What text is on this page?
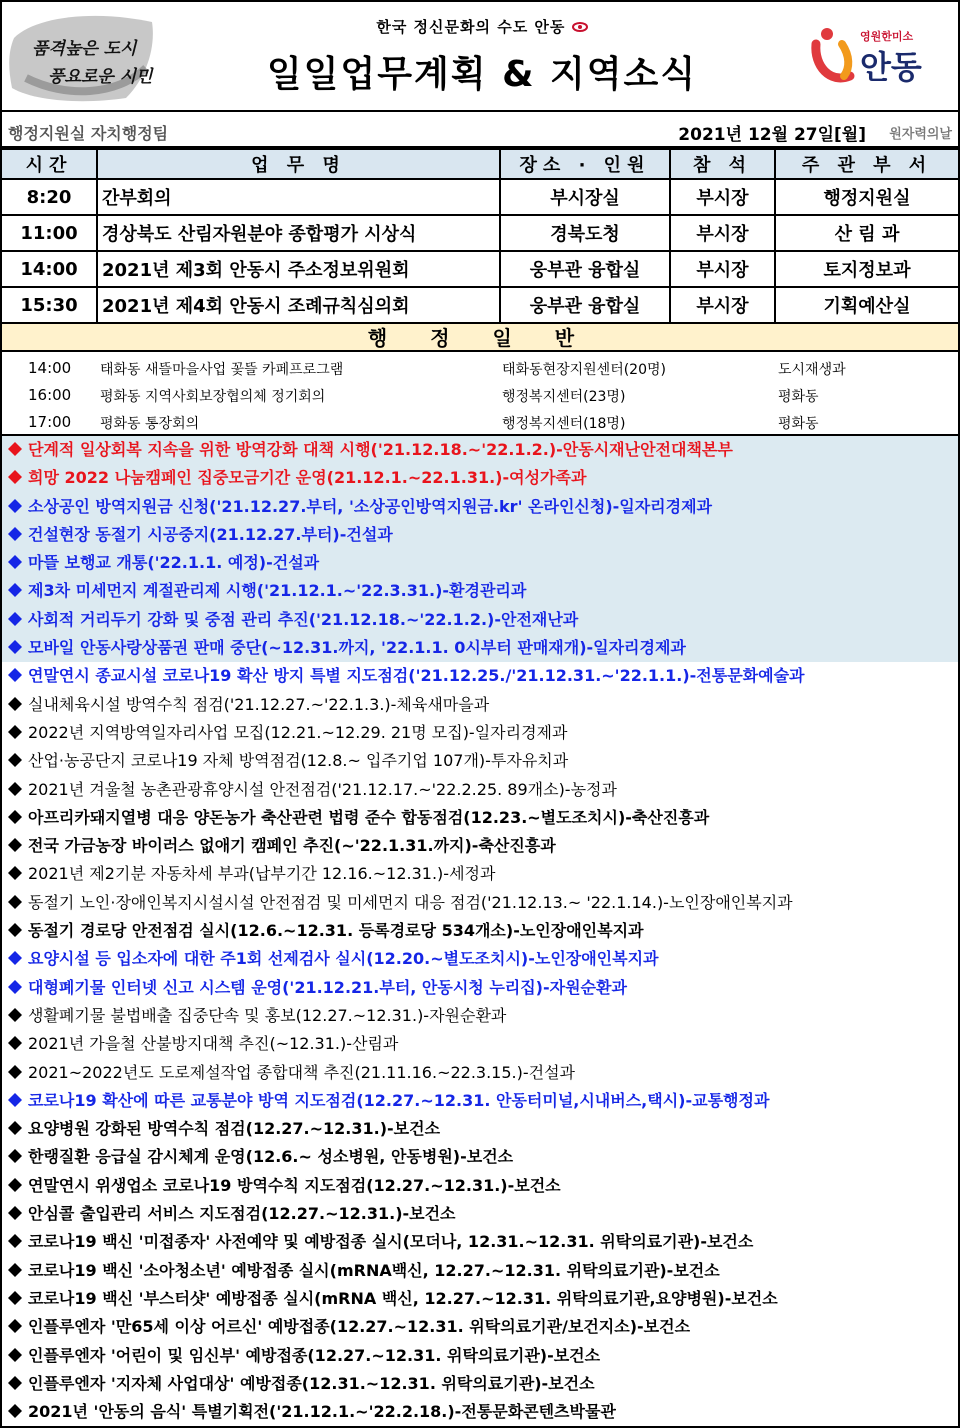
품격높은 도시
풍요로운 시민
한국 정신문화의 수도 안동
일일업무계획 & 지역소식
영원한미소
안동
행정지원실 자치행정팀	2021년 12월 27일[월] 원자력의날
시간	업 무 명	장소 · 인원	참 석	주 관 부 서
8:20	간부회의	부시장실	부시장	행정지원실
11:00	경상북도 산림자원분야 종합평가 시상식	경북도청	부시장	산 림 과
14:00	2021년 제3회 안동시 주소정보위원회	웅부관 융합실	부시장	토지정보과
15:30	2021년 제4회 안동시 조례규칙심의회	웅부관 융합실	부시장	기획예산실
행 정 일 반
14:00 태화동 새뜰마을사업 꽃뜰 카페프로그램	태화동현장지원센터(20명)	도시재생과
16:00 평화동 지역사회보장협의체 정기회의	행정복지센터(23명)	평화동
17:00 평화동 통장회의	행정복지센터(18명)	평화동
단계적 일상회복 지속을 위한 방역강화 대책 시행('21.12.18.~'22.1.2.)-안동시재난안전대책본부
희망 2022 나눔캠페인 집중모금기간 운영(21.12.1.~22.1.31.)-여성가족과
소상공인 방역지원금 신청('21.12.27.부터, '소상공인방역지원금.kr' 온라인신청)-일자리경제과
건설현장 동절기 시공중지(21.12.27.부터)-건설과
마뜰 보행교 개통('22.1.1. 예정)-건설과
제3차 미세먼지 계절관리제 시행('21.12.1.~'22.3.31.)-환경관리과
사회적 거리두기 강화 및 중점 관리 추진('21.12.18.~'22.1.2.)-안전재난과
모바일 안동사랑상품권 판매 중단(~12.31.까지, '22.1.1. 0시부터 판매재개)-일자리경제과
연말연시 종교시설 코로나19 확산 방지 특별 지도점검('21.12.25./'21.12.31.~'22.1.1.)-전통문화예술과
실내체육시설 방역수칙 점검('21.12.27.~'22.1.3.)-체육새마을과
2022년 지역방역일자리사업 모집(12.21.~12.29. 21명 모집)-일자리경제과
산업·농공단지 코로나19 자체 방역점검(12.8.~ 입주기업 107개)-투자유치과
2021년 겨울철 농촌관광휴양시설 안전점검('21.12.17.~'22.2.25. 89개소)-농정과
아프리카돼지열병 대응 양돈농가 축산관련 법령 준수 합동점검(12.23.~별도조치시)-축산진흥과
전국 가금농장 바이러스 없애기 캠페인 추진(~'22.1.31.까지)-축산진흥과
2021년 제2기분 자동차세 부과(납부기간 12.16.~12.31.)-세정과
동절기 노인·장애인복지시설시설 안전점검 및 미세먼지 대응 점검('21.12.13.~ '22.1.14.)-노인장애인복지과
동절기 경로당 안전점검 실시(12.6.~12.31. 등록경로당 534개소)-노인장애인복지과
요양시설 등 입소자에 대한 주1회 선제검사 실시(12.20.~별도조치시)-노인장애인복지과
대형폐기물 인터넷 신고 시스템 운영('21.12.21.부터, 안동시청 누리집)-자원순환과
생활폐기물 불법배출 집중단속 및 홍보(12.27.~12.31.)-자원순환과
2021년 가을철 산불방지대책 추진(~12.31.)-산림과
2021~2022년도 도로제설작업 종합대책 추진(21.11.16.~22.3.15.)-건설과
코로나19 확산에 따른 교통분야 방역 지도점검(12.27.~12.31. 안동터미널,시내버스,택시)-교통행정과
요양병원 강화된 방역수칙 점검(12.27.~12.31.)-보건소
한랭질환 응급실 감시체계 운영(12.6.~ 성소병원, 안동병원)-보건소
연말연시 위생업소 코로나19 방역수칙 지도점검(12.27.~12.31.)-보건소
안심콜 출입관리 서비스 지도점검(12.27.~12.31.)-보건소
코로나19 백신 '미접종자' 사전예약 및 예방접종 실시(모더나, 12.31.~12.31. 위탁의료기관)-보건소
코로나19 백신 '소아청소년' 예방접종 실시(mRNA백신, 12.27.~12.31. 위탁의료기관)-보건소
코로나19 백신 '부스터샷' 예방접종 실시(mRNA 백신, 12.27.~12.31. 위탁의료기관,요양병원)-보건소
인플루엔자 '만65세 이상 어르신' 예방접종(12.27.~12.31. 위탁의료기관/보건지소)-보건소
인플루엔자 '어린이 및 임신부' 예방접종(12.27.~12.31. 위탁의료기관)-보건소
인플루엔자 '지자체 사업대상' 예방접종(12.31.~12.31. 위탁의료기관)-보건소
2021년 '안동의 음식' 특별기획전('21.12.1.~'22.2.18.)-전통문화콘텐츠박물관
